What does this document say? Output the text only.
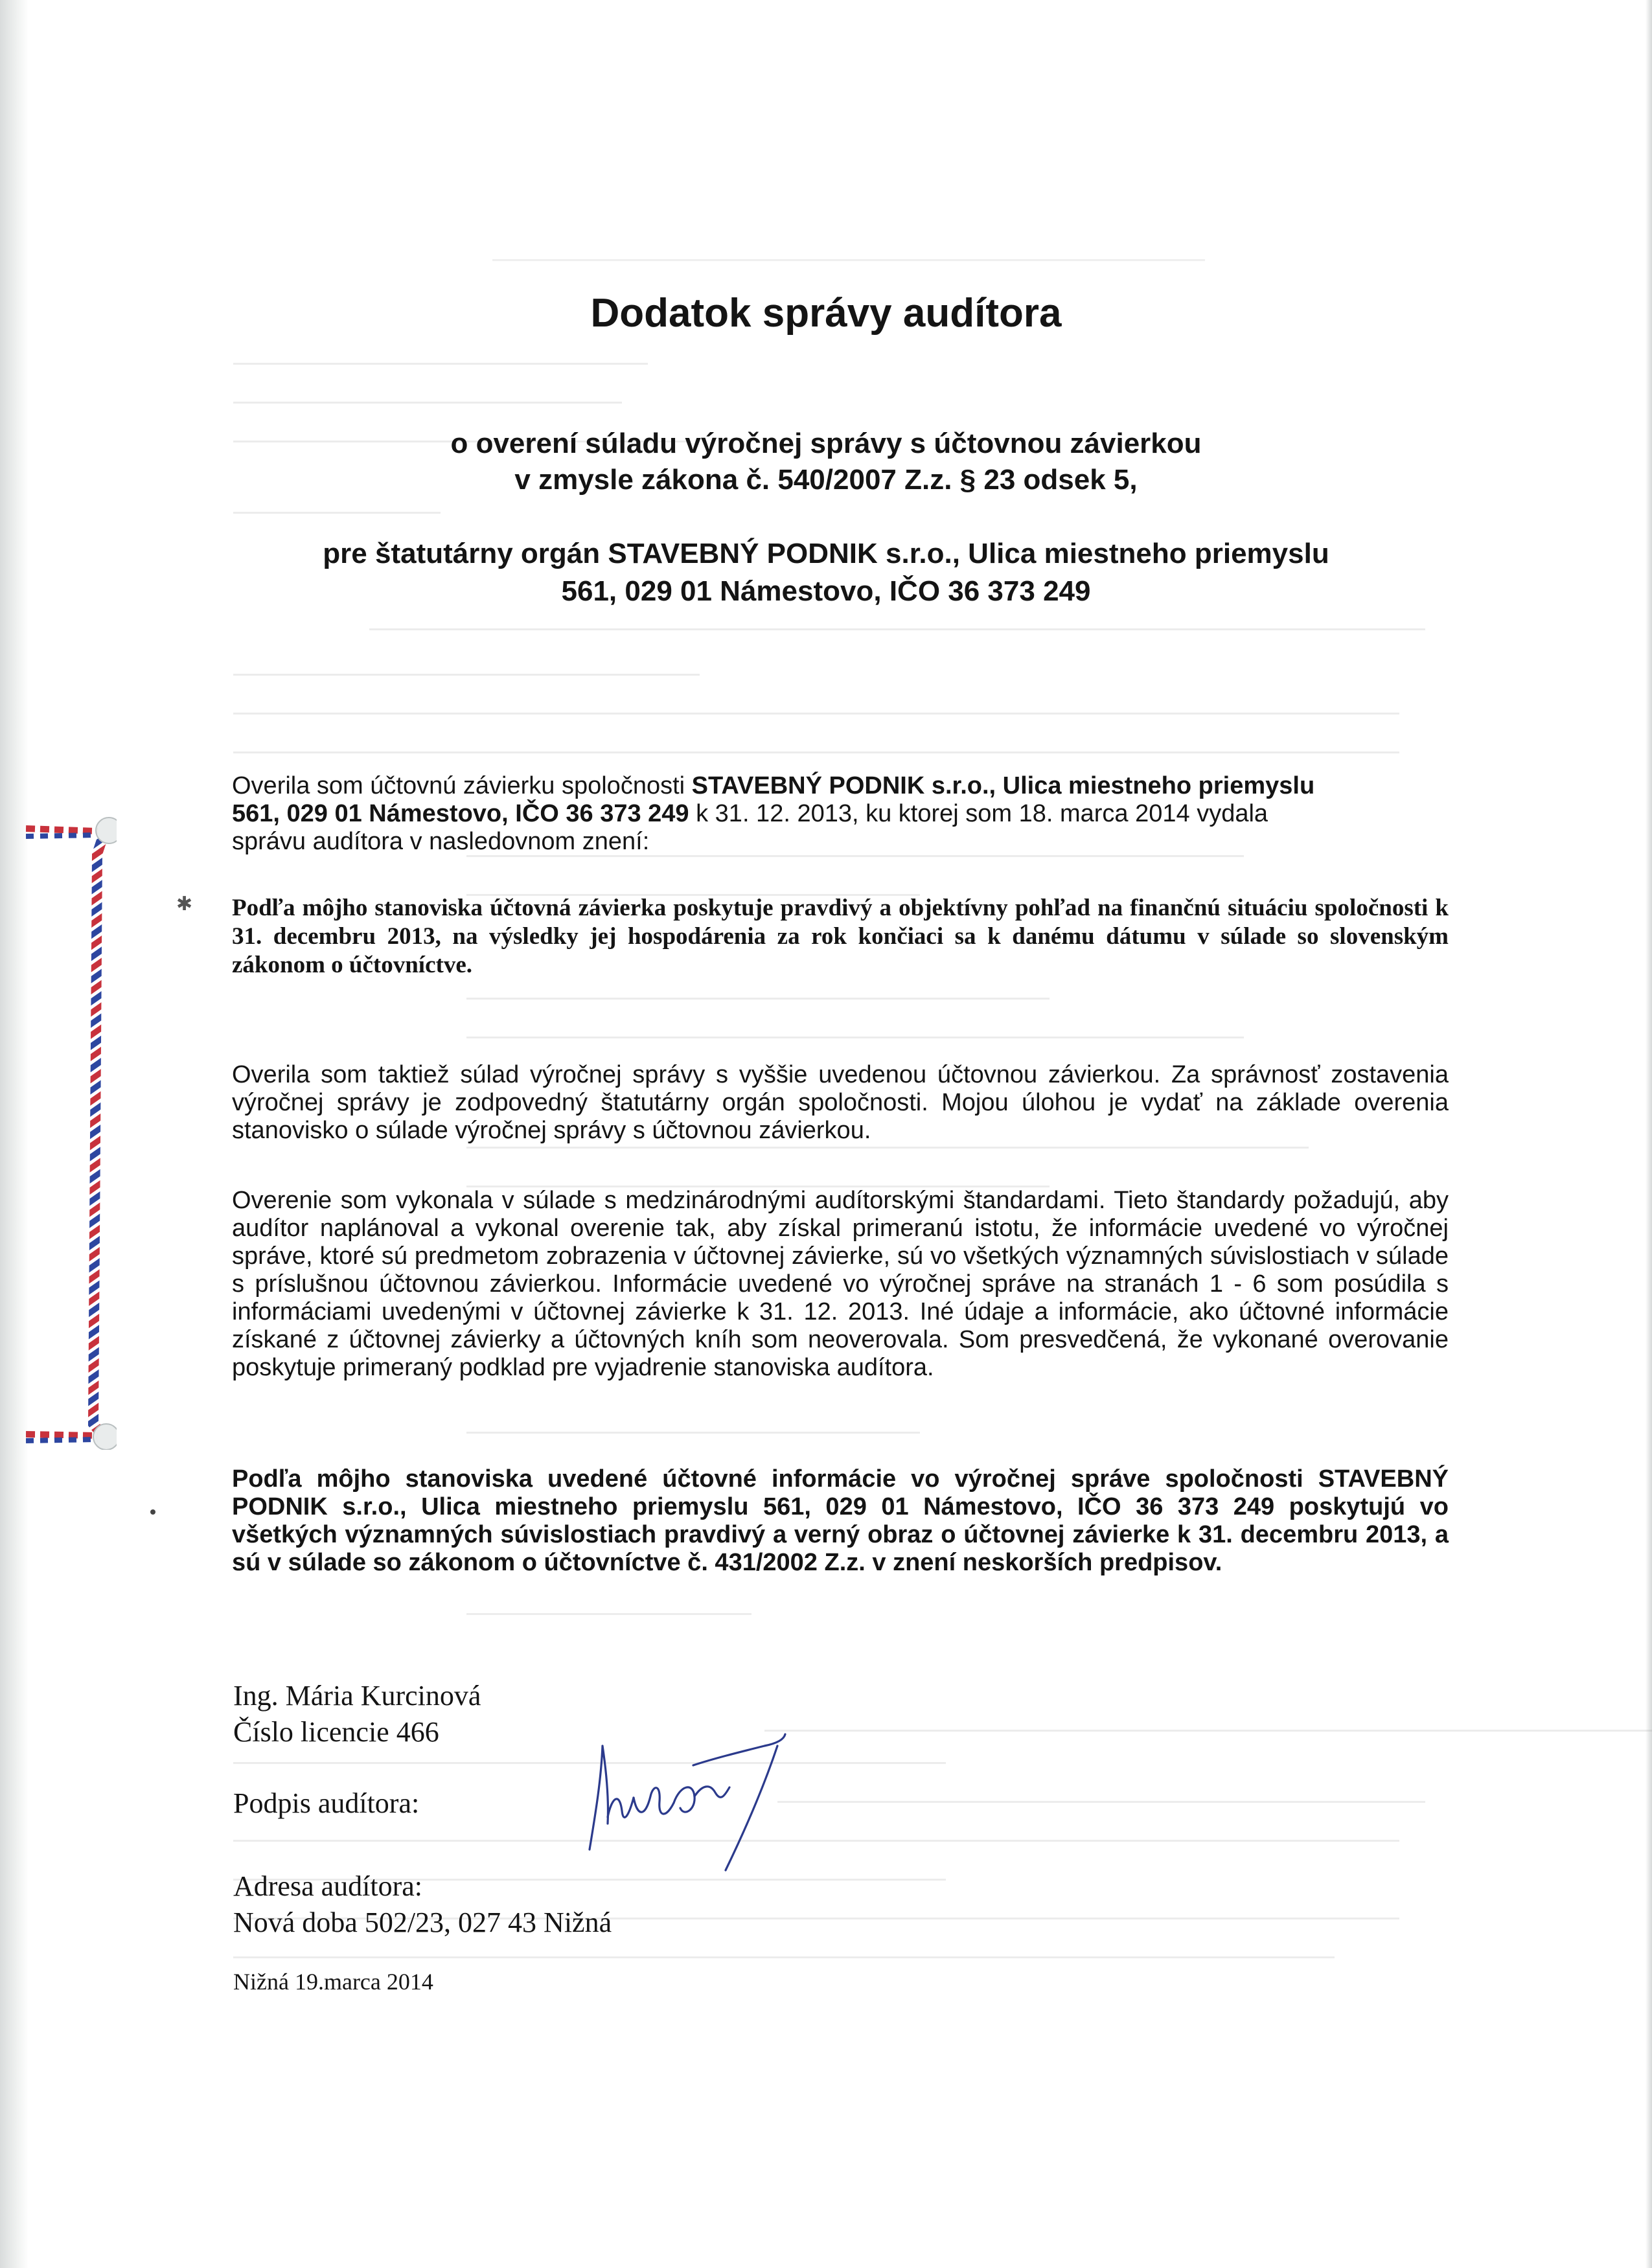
✱
Dodatok správy audítora
o overení súladu výročnej správy s účtovnou závierkou
v zmysle zákona č. 540/2007 Z.z. § 23 odsek 5,
pre štatutárny orgán STAVEBNÝ PODNIK s.r.o., Ulica miestneho priemyslu
561, 029 01 Námestovo, IČO 36 373 249
Overila som účtovnú závierku spoločnosti STAVEBNÝ PODNIK s.r.o., Ulica miestneho priemyslu
561, 029 01 Námestovo, IČO 36 373 249 k 31. 12. 2013, ku ktorej som 18. marca 2014 vydala
správu audítora v nasledovnom znení:
Podľa môjho stanoviska účtovná závierka poskytuje pravdivý a objektívny pohľad na finančnú situáciu spoločnosti k 31. decembru 2013, na výsledky jej hospodárenia za rok končiaci sa k danému dátumu v súlade so slovenským zákonom o účtovníctve.
Overila som taktiež súlad výročnej správy s vyššie uvedenou účtovnou závierkou. Za správnosť zostavenia výročnej správy je zodpovedný štatutárny orgán spoločnosti. Mojou úlohou je vydať na základe overenia stanovisko o súlade výročnej správy s účtovnou závierkou.
Overenie som vykonala v súlade s medzinárodnými audítorskými štandardami. Tieto štandardy požadujú, aby audítor naplánoval a vykonal overenie tak, aby získal primeranú istotu, že informácie uvedené vo výročnej správe, ktoré sú predmetom zobrazenia v účtovnej závierke, sú vo všetkých významných súvislostiach v súlade s príslušnou účtovnou závierkou. Informácie uvedené vo výročnej správe na stranách 1 - 6 som posúdila s informáciami uvedenými v účtovnej závierke k 31. 12. 2013. Iné údaje a informácie, ako účtovné informácie získané z účtovnej závierky a účtovných kníh som neoverovala. Som presvedčená, že vykonané overovanie poskytuje primeraný podklad pre vyjadrenie stanoviska audítora.
Podľa môjho stanoviska uvedené účtovné informácie vo výročnej správe spoločnosti STAVEBNÝ PODNIK s.r.o., Ulica miestneho priemyslu 561, 029 01 Námestovo, IČO 36 373 249 poskytujú vo všetkých významných súvislostiach pravdivý a verný obraz o účtovnej závierke k 31. decembru 2013, a sú v súlade so zákonom o účtovníctve č. 431/2002 Z.z. v znení neskorších predpisov.
Ing. Mária Kurcinová
Číslo licencie 466
Podpis audítora:
Adresa audítora:
Nová doba 502/23, 027 43 Nižná
Nižná 19.marca 2014
